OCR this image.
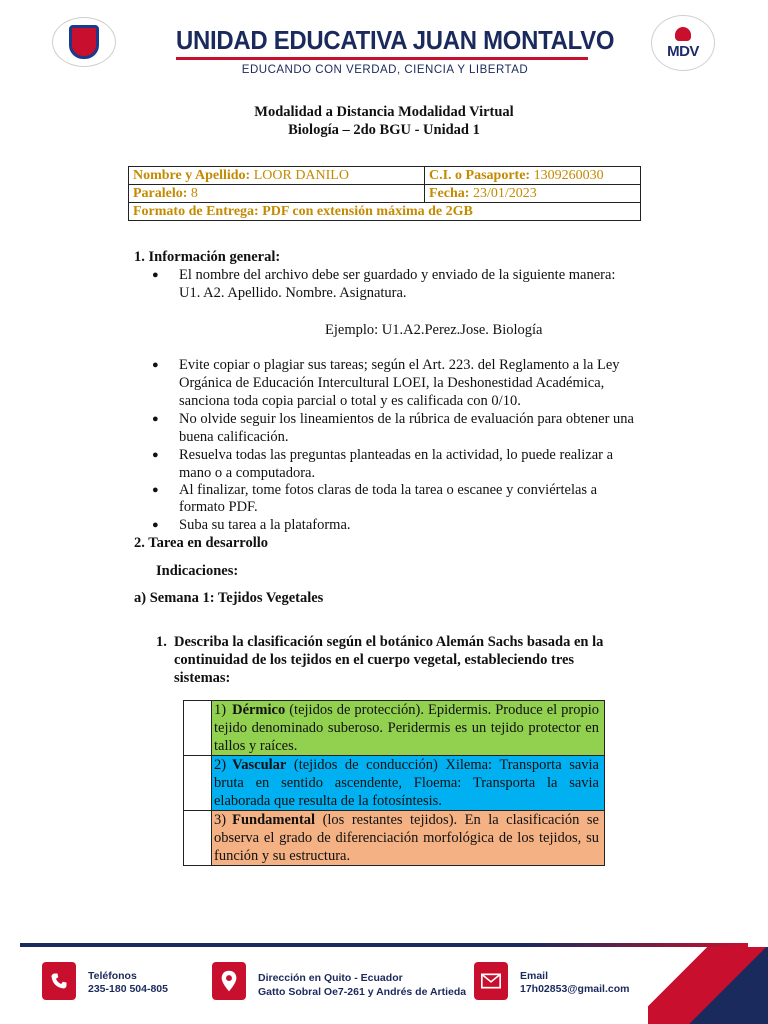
UNIDAD EDUCATIVA JUAN MONTALVO
EDUCANDO CON VERDAD, CIENCIA Y LIBERTAD
MDV
Modalidad a Distancia Modalidad Virtual
Biología – 2do BGU - Unidad 1
Nombre y Apellido: LOOR DANILO	C.I. o Pasaporte: 1309260030
Paralelo: 8	Fecha: 23/01/2023
Formato de Entrega: PDF con extensión máxima de 2GB	
1. Información general:
● El nombre del archivo debe ser guardado y enviado de la siguiente manera:
U1. A2. Apellido. Nombre. Asignatura.
Ejemplo: U1.A2.Perez.Jose. Biología
● Evite copiar o plagiar sus tareas; según el Art. 223. del Reglamento a la Ley
Orgánica de Educación Intercultural LOEI, la Deshonestidad Académica,
sanciona toda copia parcial o total y es calificada con 0/10.
● No olvide seguir los lineamientos de la rúbrica de evaluación para obtener una
buena calificación.
● Resuelva todas las preguntas planteadas en la actividad, lo puede realizar a
mano o a computadora.
● Al finalizar, tome fotos claras de toda la tarea o escanee y conviértelas a
formato PDF.
● Suba su tarea a la plataforma.
2. Tarea en desarrollo
Indicaciones:
a) Semana 1: Tejidos Vegetales
1. Describa la clasificación según el botánico Alemán Sachs basada en la
continuidad de los tejidos en el cuerpo vegetal, estableciendo tres
sistemas:
1) Dérmico (tejidos de protección). Epidermis. Produce el propio tejido denominado suberoso. Peridermis es un tejido protector en tallos y raíces.
2) Vascular (tejidos de conducción) Xilema: Transporta savia bruta en sentido ascendente, Floema: Transporta la savia elaborada que resulta de la fotosíntesis.
3) Fundamental (los restantes tejidos). En la clasificación se observa el grado de diferenciación morfológica de los tejidos, su función y su estructura.
Teléfonos
235-180 504-805
Dirección en Quito - Ecuador
Gatto Sobral Oe7-261 y Andrés de Artieda
Email
17h02853@gmail.com
